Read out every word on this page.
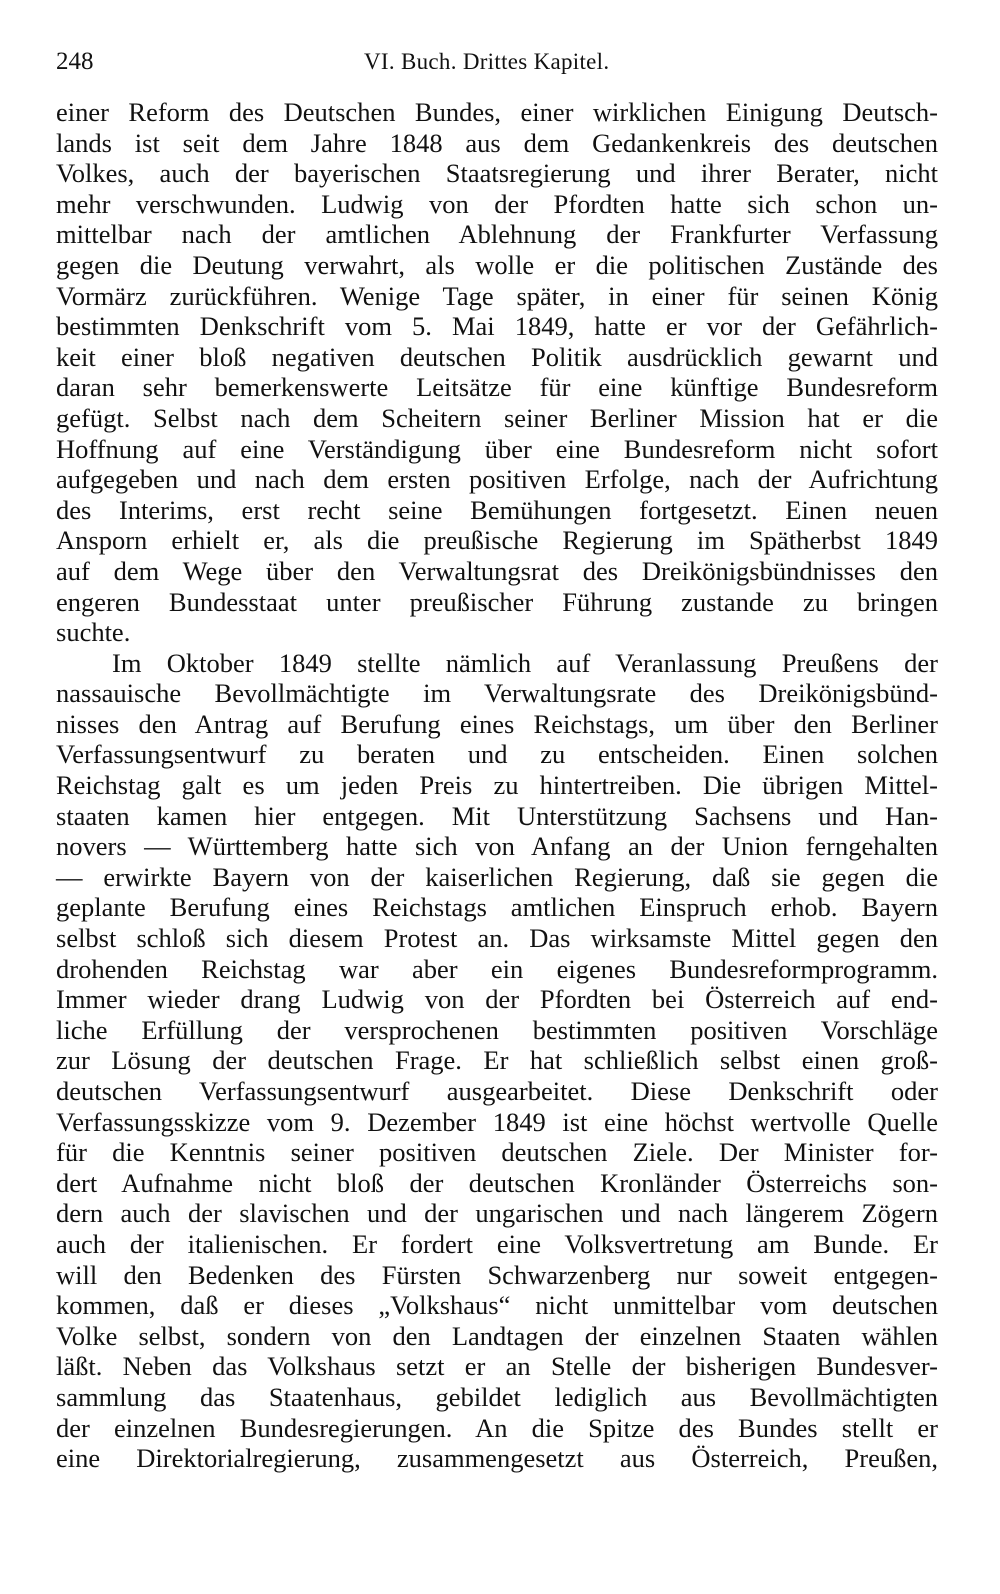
248	VI. Buch. Drittes Kapitel.
einer Reform des Deutschen Bundes, einer wirklichen Einigung Deutsch-
lands ist seit dem Jahre 1848 aus dem Gedankenkreis des deutschen
Volkes, auch der bayerischen Staatsregierung und ihrer Berater, nicht
mehr verschwunden. Ludwig von der Pfordten hatte sich schon un-
mittelbar nach der amtlichen Ablehnung der Frankfurter Verfassung
gegen die Deutung verwahrt, als wolle er die politischen Zustände des
Vormärz zurückführen. Wenige Tage später, in einer für seinen König
bestimmten Denkschrift vom 5. Mai 1849, hatte er vor der Gefährlich-
keit einer bloß negativen deutschen Politik ausdrücklich gewarnt und
daran sehr bemerkenswerte Leitsätze für eine künftige Bundesreform
gefügt. Selbst nach dem Scheitern seiner Berliner Mission hat er die
Hoffnung auf eine Verständigung über eine Bundesreform nicht sofort
aufgegeben und nach dem ersten positiven Erfolge, nach der Aufrichtung
des Interims, erst recht seine Bemühungen fortgesetzt. Einen neuen
Ansporn erhielt er, als die preußische Regierung im Spätherbst 1849
auf dem Wege über den Verwaltungsrat des Dreikönigsbündnisses den
engeren Bundesstaat unter preußischer Führung zustande zu bringen
suchte.
Im Oktober 1849 stellte nämlich auf Veranlassung Preußens der
nassauische Bevollmächtigte im Verwaltungsrate des Dreikönigsbünd-
nisses den Antrag auf Berufung eines Reichstags, um über den Berliner
Verfassungsentwurf zu beraten und zu entscheiden. Einen solchen
Reichstag galt es um jeden Preis zu hintertreiben. Die übrigen Mittel-
staaten kamen hier entgegen. Mit Unterstützung Sachsens und Han-
novers — Württemberg hatte sich von Anfang an der Union ferngehalten
— erwirkte Bayern von der kaiserlichen Regierung, daß sie gegen die
geplante Berufung eines Reichstags amtlichen Einspruch erhob. Bayern
selbst schloß sich diesem Protest an. Das wirksamste Mittel gegen den
drohenden Reichstag war aber ein eigenes Bundesreformprogramm.
Immer wieder drang Ludwig von der Pfordten bei Österreich auf end-
liche Erfüllung der versprochenen bestimmten positiven Vorschläge
zur Lösung der deutschen Frage. Er hat schließlich selbst einen groß-
deutschen Verfassungsentwurf ausgearbeitet. Diese Denkschrift oder
Verfassungsskizze vom 9. Dezember 1849 ist eine höchst wertvolle Quelle
für die Kenntnis seiner positiven deutschen Ziele. Der Minister for-
dert Aufnahme nicht bloß der deutschen Kronländer Österreichs son-
dern auch der slavischen und der ungarischen und nach längerem Zögern
auch der italienischen. Er fordert eine Volksvertretung am Bunde. Er
will den Bedenken des Fürsten Schwarzenberg nur soweit entgegen-
kommen, daß er dieses „Volkshaus“ nicht unmittelbar vom deutschen
Volke selbst, sondern von den Landtagen der einzelnen Staaten wählen
läßt. Neben das Volkshaus setzt er an Stelle der bisherigen Bundesver-
sammlung das Staatenhaus, gebildet lediglich aus Bevollmächtigten
der einzelnen Bundesregierungen. An die Spitze des Bundes stellt er
eine Direktorialregierung, zusammengesetzt aus Österreich, Preußen,
